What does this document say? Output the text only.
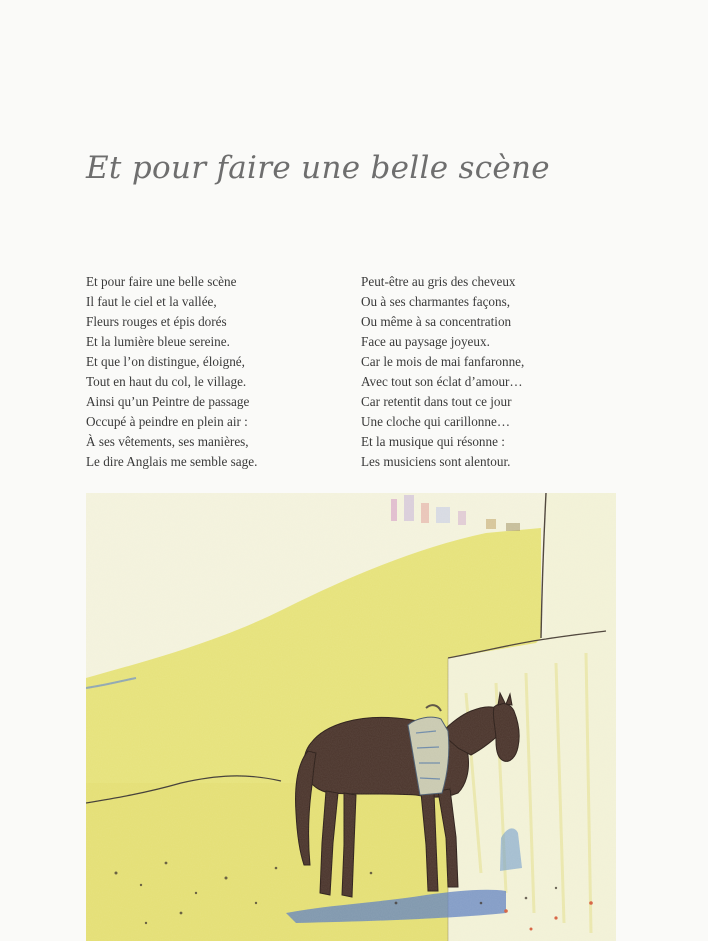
Et pour faire une belle scène
Et pour faire une belle scène
Il faut le ciel et la vallée,
Fleurs rouges et épis dorés
Et la lumière bleue sereine.
Et que l’on distingue, éloigné,
Tout en haut du col, le village.
Ainsi qu’un Peintre de passage
Occupé à peindre en plein air :
À ses vêtements, ses manières,
Le dire Anglais me semble sage.
Peut-être au gris des cheveux
Ou à ses charmantes façons,
Ou même à sa concentration
Face au paysage joyeux.
Car le mois de mai fanfaronne,
Avec tout son éclat d’amour…
Car retentit dans tout ce jour
Une cloche qui carillonne…
Et la musique qui résonne :
Les musiciens sont alentour.
